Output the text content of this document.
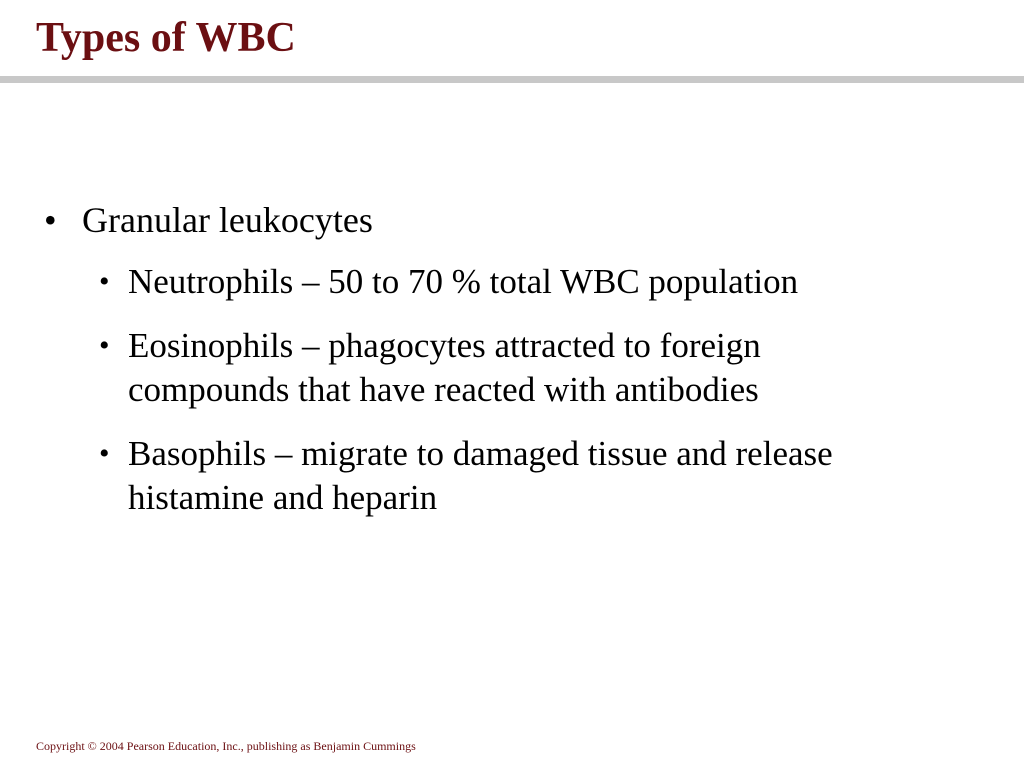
Types of WBC
• Granular leukocytes
• Neutrophils – 50 to 70 % total WBC population
• Eosinophils – phagocytes attracted to foreign compounds that have reacted with antibodies
• Basophils – migrate to damaged tissue and release histamine and heparin
Copyright © 2004 Pearson Education, Inc., publishing as Benjamin Cummings
